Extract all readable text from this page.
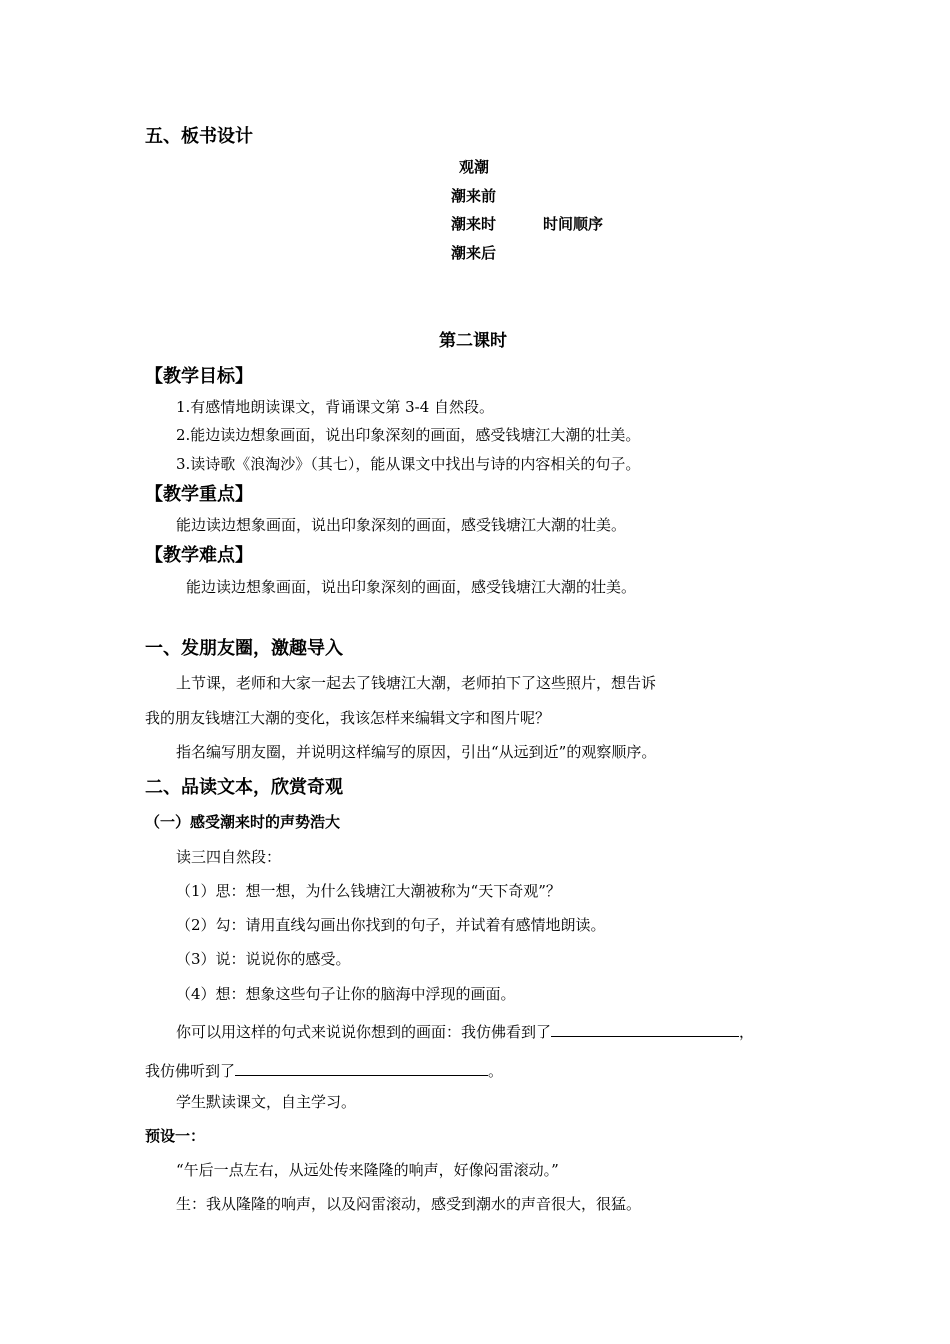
五、板书设计
观潮
潮来前
潮来时	时间顺序
潮来后
第二课时
【教学目标】
1.有感情地朗读课文，背诵课文第 3-4 自然段。
2.能边读边想象画面，说出印象深刻的画面，感受钱塘江大潮的壮美。
3.读诗歌《浪淘沙》（其七），能从课文中找出与诗的内容相关的句子。
【教学重点】
能边读边想象画面，说出印象深刻的画面，感受钱塘江大潮的壮美。
【教学难点】
能边读边想象画面，说出印象深刻的画面，感受钱塘江大潮的壮美。
一、发朋友圈，激趣导入
上节课，老师和大家一起去了钱塘江大潮，老师拍下了这些照片，想告诉
我的朋友钱塘江大潮的变化，我该怎样来编辑文字和图片呢？
指名编写朋友圈，并说明这样编写的原因，引出“从远到近”的观察顺序。
二、品读文本，欣赏奇观
（一）感受潮来时的声势浩大
读三四自然段：
（1）思：想一想，为什么钱塘江大潮被称为“天下奇观”？
（2）勾：请用直线勾画出你找到的句子，并试着有感情地朗读。
（3）说：说说你的感受。
（4）想：想象这些句子让你的脑海中浮现的画面。
你可以用这样的句式来说说你想到的画面：我仿佛看到了	，
我仿佛听到了	。
学生默读课文，自主学习。
预设一：
“午后一点左右，从远处传来隆隆的响声，好像闷雷滚动。”
生：我从隆隆的响声，以及闷雷滚动，感受到潮水的声音很大，很猛。
